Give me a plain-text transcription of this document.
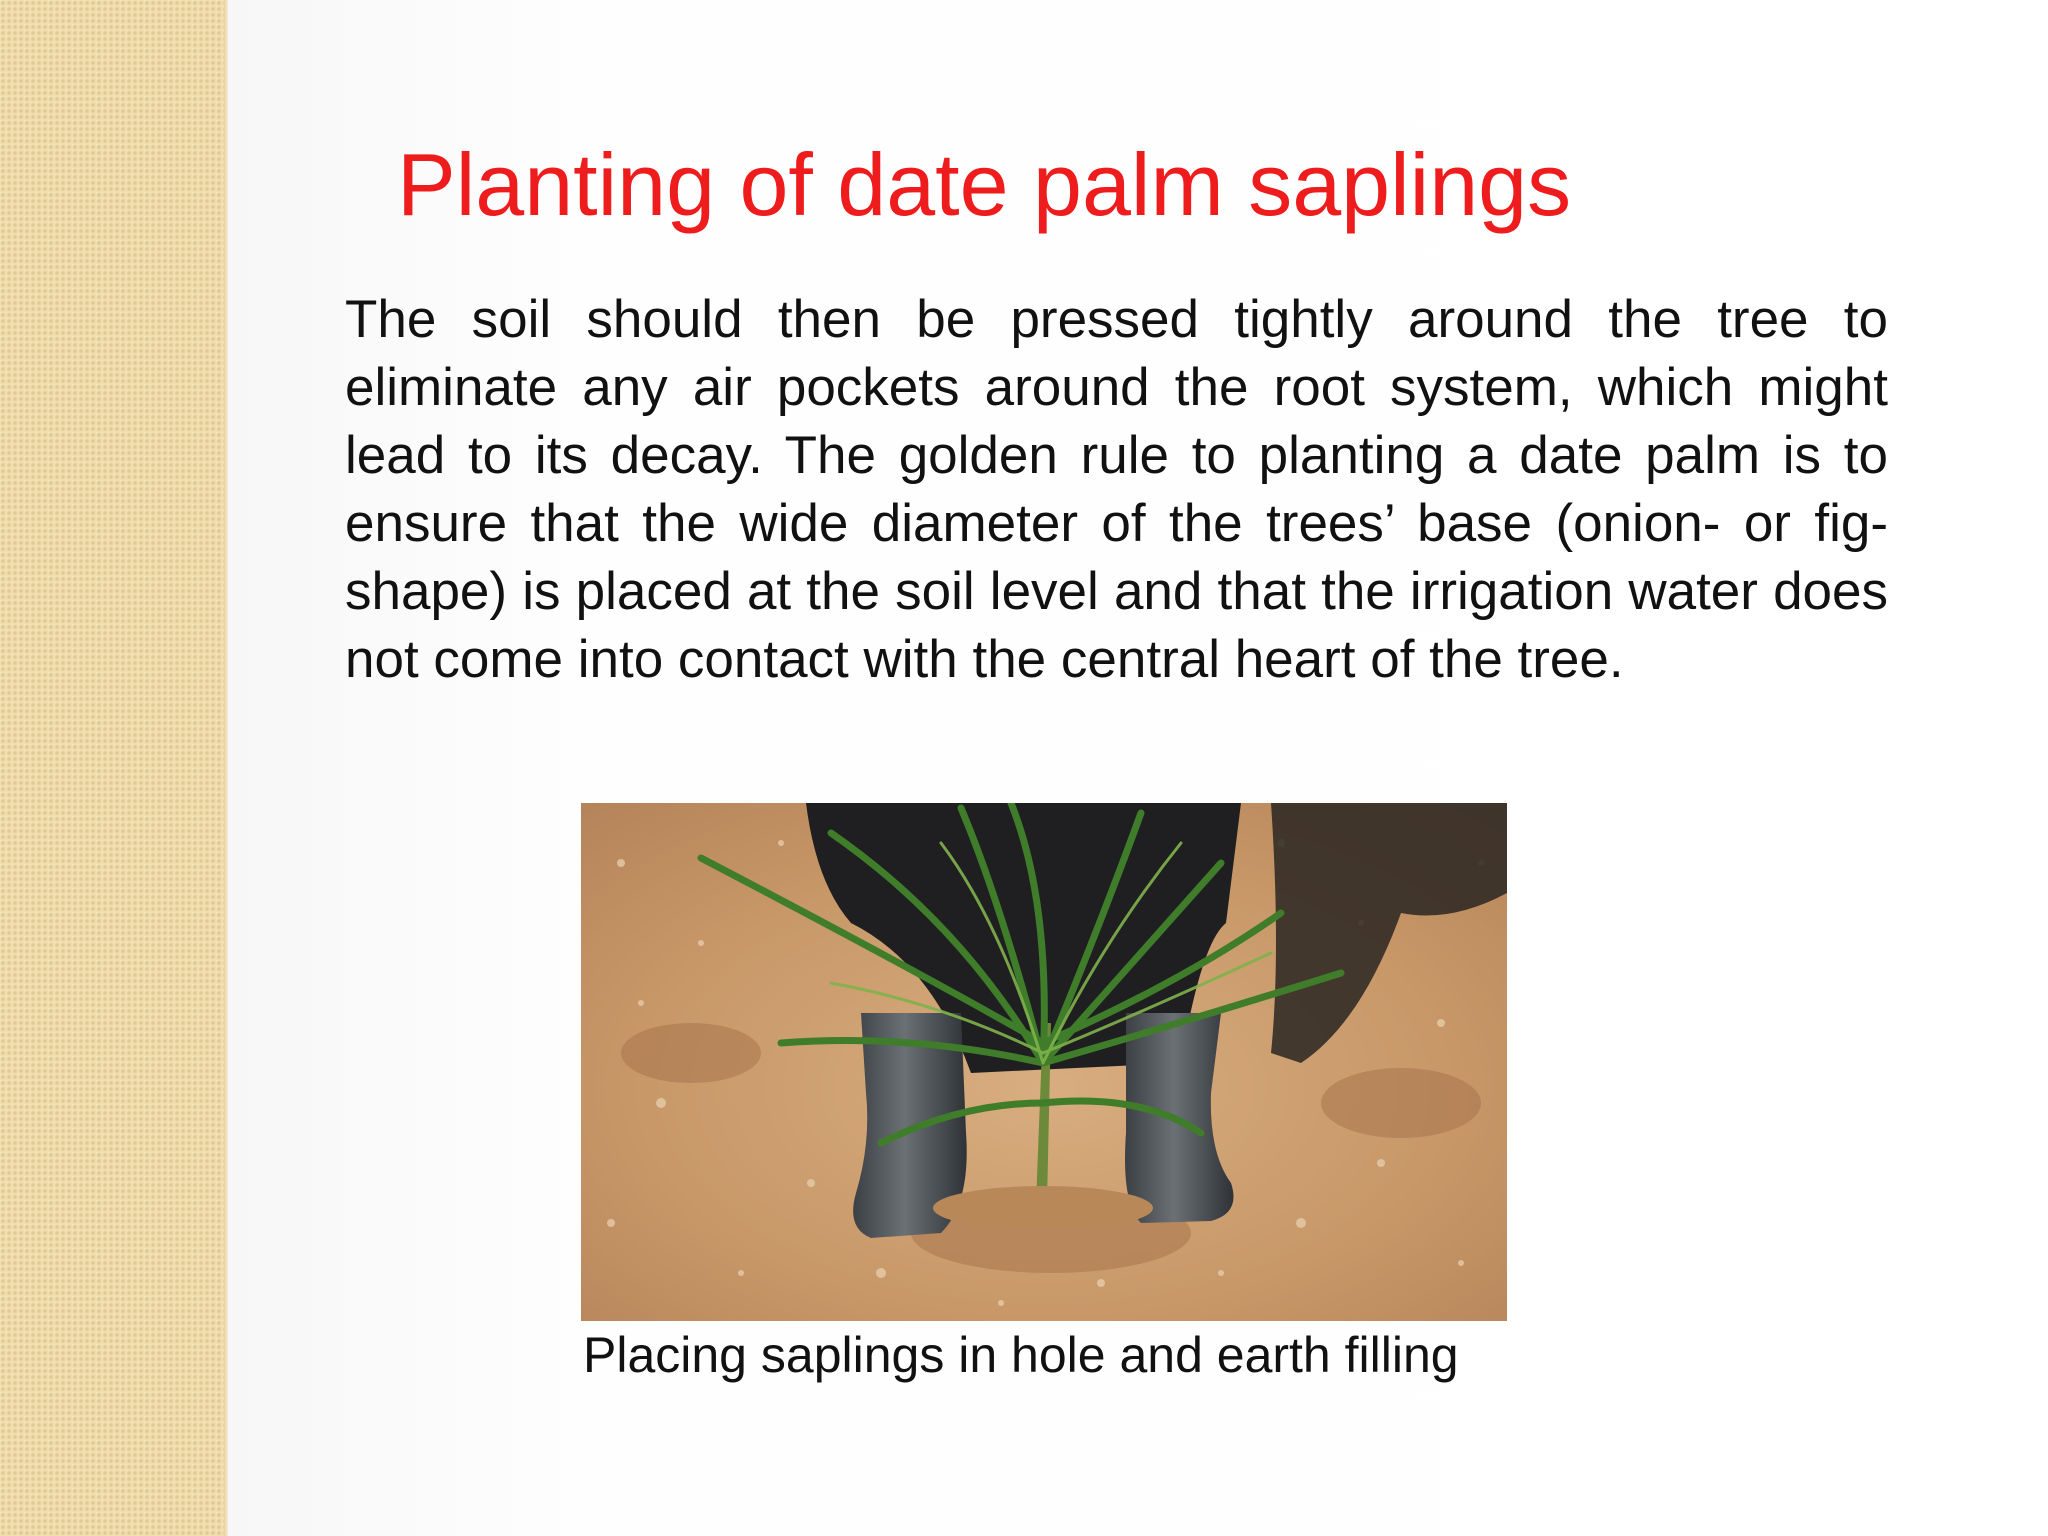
Planting of date palm saplings

The soil should then be pressed tightly around the tree to eliminate any air pockets around the root system, which might lead to its decay. The golden rule to planting a date palm is to ensure that the wide diameter of the trees’ base (onion- or fig-shape) is placed at the soil level and that the irrigation water does not come into contact with the central heart of the tree.

Placing saplings in hole and earth filling
